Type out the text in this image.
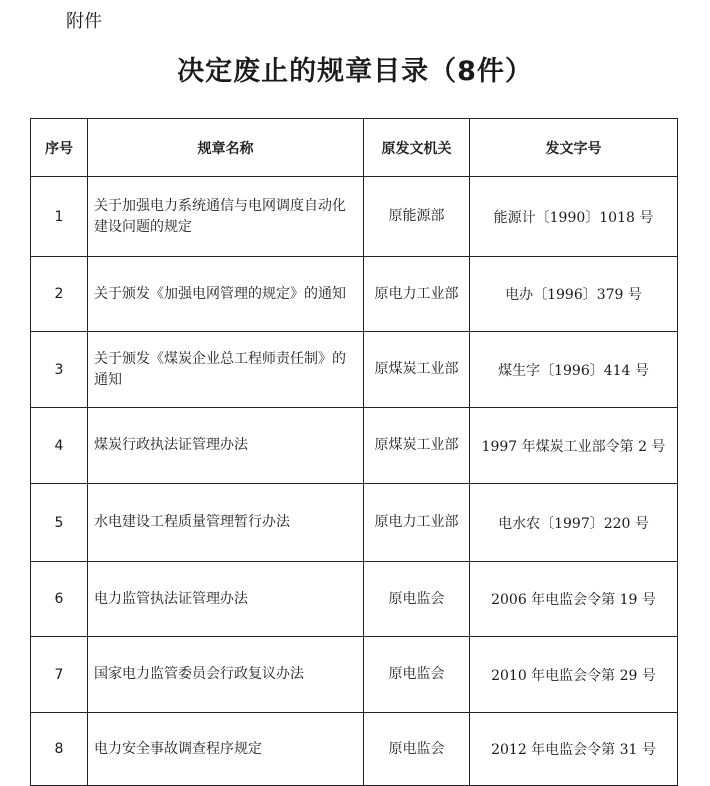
附件
决定废止的规章目录（8件）
序号	规章名称	原发文机关	发文字号
1	关于加强电力系统通信与电网调度自动化建设问题的规定	原能源部	能源计〔1990〕1018 号
2	关于颁发《加强电网管理的规定》的通知	原电力工业部	电办〔1996〕379 号
3	关于颁发《煤炭企业总工程师责任制》的通知	原煤炭工业部	煤生字〔1996〕414 号
4	煤炭行政执法证管理办法	原煤炭工业部	1997 年煤炭工业部令第 2 号
5	水电建设工程质量管理暂行办法	原电力工业部	电水农〔1997〕220 号
6	电力监管执法证管理办法	原电监会	2006 年电监会令第 19 号
7	国家电力监管委员会行政复议办法	原电监会	2010 年电监会令第 29 号
8	电力安全事故调查程序规定	原电监会	2012 年电监会令第 31 号
